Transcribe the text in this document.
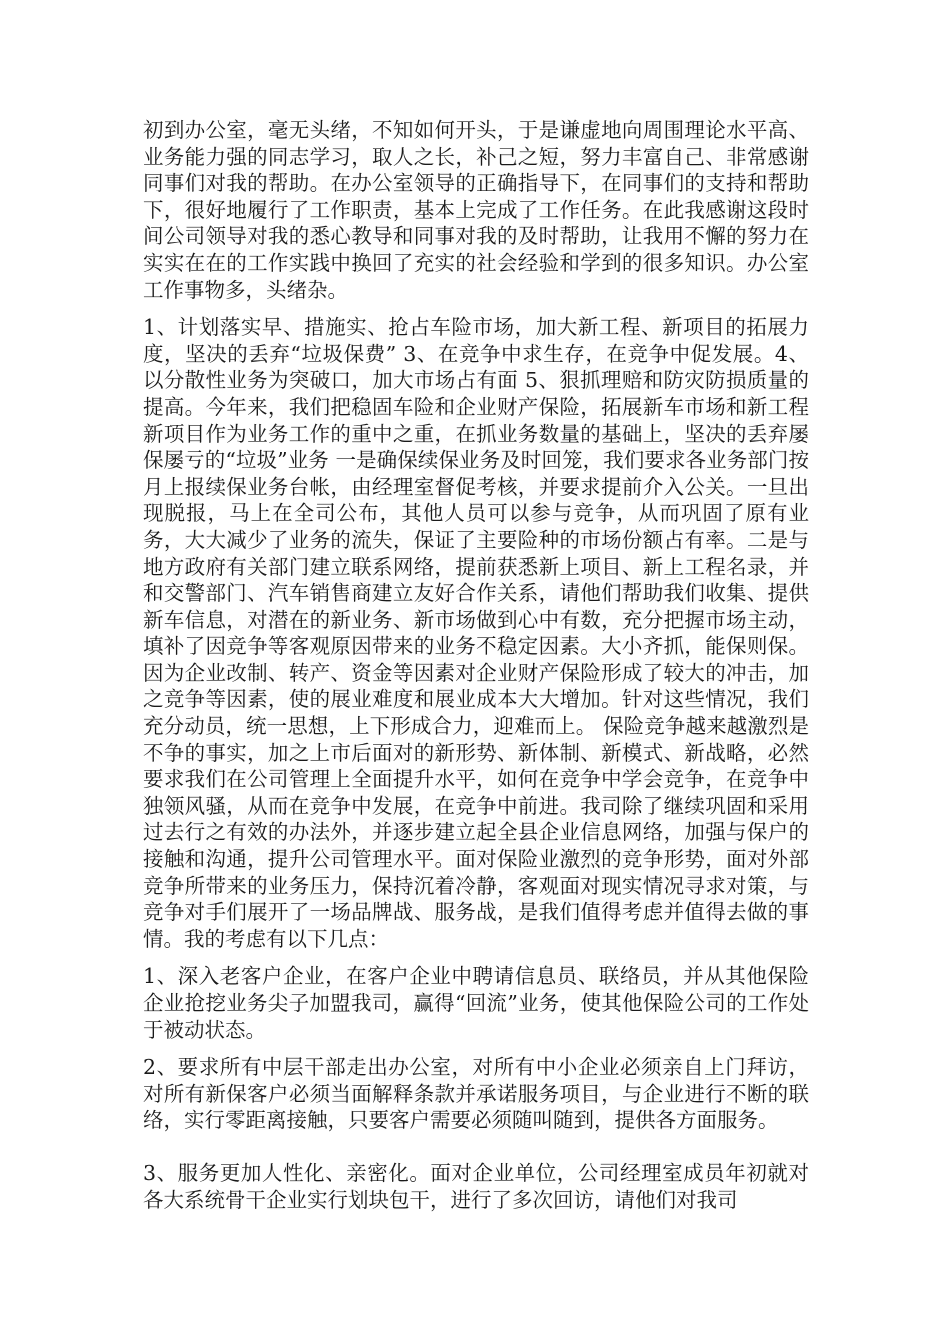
初到办公室，毫无头绪，不知如何开头，于是谦虚地向周围理论水平高、业务能力强的同志学习，取人之长，补己之短，努力丰富自己、非常感谢同事们对我的帮助。在办公室领导的正确指导下，在同事们的支持和帮助下，很好地履行了工作职责，基本上完成了工作任务。在此我感谢这段时间公司领导对我的悉心教导和同事对我的及时帮助，让我用不懈的努力在实实在在的工作实践中换回了充实的社会经验和学到的很多知识。办公室工作事物多，头绪杂。

1、计划落实早、措施实、抢占车险市场，加大新工程、新项目的拓展力度，坚决的丢弃“垃圾保费” 3、在竞争中求生存，在竞争中促发展。4、以分散性业务为突破口，加大市场占有面 5、狠抓理赔和防灾防损质量的提高。今年来，我们把稳固车险和企业财产保险，拓展新车市场和新工程新项目作为业务工作的重中之重，在抓业务数量的基础上，坚决的丢弃屡保屡亏的“垃圾”业务 一是确保续保业务及时回笼，我们要求各业务部门按月上报续保业务台帐，由经理室督促考核，并要求提前介入公关。一旦出现脱报，马上在全司公布，其他人员可以参与竞争，从而巩固了原有业务，大大减少了业务的流失，保证了主要险种的市场份额占有率。二是与地方政府有关部门建立联系网络，提前获悉新上项目、新上工程名录，并和交警部门、汽车销售商建立友好合作关系，请他们帮助我们收集、提供新车信息，对潜在的新业务、新市场做到心中有数，充分把握市场主动，填补了因竞争等客观原因带来的业务不稳定因素。大小齐抓，能保则保。因为企业改制、转产、资金等因素对企业财产保险形成了较大的冲击，加之竞争等因素，使的展业难度和展业成本大大增加。针对这些情况，我们充分动员，统一思想，上下形成合力，迎难而上。 保险竞争越来越激烈是不争的事实，加之上市后面对的新形势、新体制、新模式、新战略，必然要求我们在公司管理上全面提升水平，如何在竞争中学会竞争，在竞争中独领风骚，从而在竞争中发展，在竞争中前进。我司除了继续巩固和采用过去行之有效的办法外，并逐步建立起全县企业信息网络，加强与保户的接触和沟通，提升公司管理水平。面对保险业激烈的竞争形势，面对外部竞争所带来的业务压力，保持沉着冷静，客观面对现实情况寻求对策，与竞争对手们展开了一场品牌战、服务战，是我们值得考虑并值得去做的事情。我的考虑有以下几点：

1、深入老客户企业，在客户企业中聘请信息员、联络员，并从其他保险企业抢挖业务尖子加盟我司，赢得“回流”业务，使其他保险公司的工作处于被动状态。

2、要求所有中层干部走出办公室，对所有中小企业必须亲自上门拜访，对所有新保客户必须当面解释条款并承诺服务项目，与企业进行不断的联络，实行零距离接触，只要客户需要必须随叫随到，提供各方面服务。

3、服务更加人性化、亲密化。面对企业单位，公司经理室成员年初就对各大系统骨干企业实行划块包干，进行了多次回访，请他们对我司
